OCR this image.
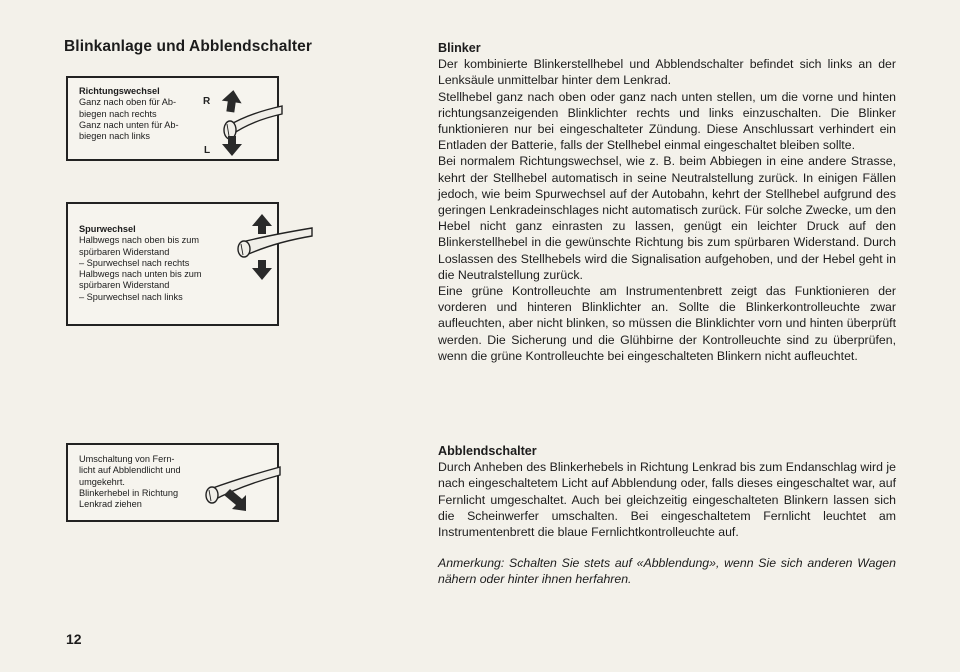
Blinkanlage und Abblendschalter
Richtungswechsel
Ganz nach oben für Ab-
biegen nach rechts
Ganz nach unten für Ab-
biegen nach links
R
L
Spurwechsel
Halbwegs nach oben bis zum
spürbaren Widerstand
– Spurwechsel nach rechts
Halbwegs nach unten bis zum
spürbaren Widerstand
– Spurwechsel nach links
Umschaltung von Fern-
licht auf Abblendlicht und
umgekehrt.
Blinkerhebel in Richtung
Lenkrad ziehen
Blinker

Der kombinierte Blinkerstellhebel und Abblendschalter befindet sich links an der Lenksäule unmittelbar hinter dem Lenkrad.

Stellhebel ganz nach oben oder ganz nach unten stellen, um die vorne und hinten richtungsanzeigenden Blinklichter rechts und links einzuschalten. Die Blinker funktionieren nur bei eingeschalteter Zündung. Diese Anschlussart verhindert ein Entladen der Batterie, falls der Stellhebel einmal eingeschaltet bleiben sollte.

Bei normalem Richtungswechsel, wie z. B. beim Abbiegen in eine andere Strasse, kehrt der Stellhebel automatisch in seine Neutralstellung zurück. In einigen Fällen jedoch, wie beim Spurwechsel auf der Autobahn, kehrt der Stellhebel aufgrund des geringen Lenkradeinschlages nicht automatisch zurück. Für solche Zwecke, um den Hebel nicht ganz einrasten zu lassen, genügt ein leichter Druck auf den Blinkerstellhebel in die gewünschte Richtung bis zum spürbaren Widerstand. Durch Loslassen des Stellhebels wird die Signalisation aufgehoben, und der Hebel geht in die Neutralstellung zurück.

Eine grüne Kontrolleuchte am Instrumentenbrett zeigt das Funktionieren der vorderen und hinteren Blinklichter an. Sollte die Blinkerkontrolleuchte zwar aufleuchten, aber nicht blinken, so müssen die Blinklichter vorn und hinten überprüft werden. Die Sicherung und die Glühbirne der Kontrolleuchte sind zu überprüfen, wenn die grüne Kontrolleuchte bei eingeschalteten Blinkern nicht aufleuchtet.

Abblendschalter

Durch Anheben des Blinkerhebels in Richtung Lenkrad bis zum Endanschlag wird je nach eingeschaltetem Licht auf Abblendung oder, falls dieses eingeschaltet war, auf Fernlicht umgeschaltet. Auch bei gleichzeitig eingeschalteten Blinkern lassen sich die Scheinwerfer umschalten. Bei eingeschaltetem Fernlicht leuchtet am Instrumentenbrett die blaue Fernlichtkontrolleuchte auf.

Anmerkung: Schalten Sie stets auf «Abblendung», wenn Sie sich anderen Wagen nähern oder hinter ihnen herfahren.

12
